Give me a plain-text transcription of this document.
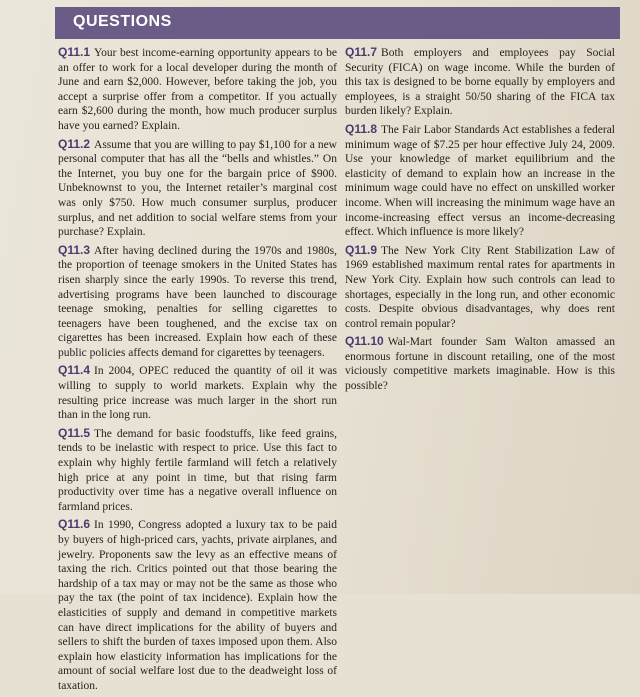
QUESTIONS

Q11.1 Your best income-earning opportunity appears to be an offer to work for a local developer during the month of June and earn $2,000. However, before taking the job, you accept a surprise offer from a competitor. If you actually earn $2,600 during the month, how much producer surplus have you earned? Explain.

Q11.2 Assume that you are willing to pay $1,100 for a new personal computer that has all the “bells and whistles.” On the Internet, you buy one for the bargain price of $900. Unbeknownst to you, the Internet retailer’s marginal cost was only $750. How much consumer surplus, producer surplus, and net addition to social welfare stems from your purchase? Explain.

Q11.3 After having declined during the 1970s and 1980s, the proportion of teenage smokers in the United States has risen sharply since the early 1990s. To reverse this trend, advertising programs have been launched to discourage teenage smoking, penalties for selling cigarettes to teenagers have been toughened, and the excise tax on cigarettes has been increased. Explain how each of these public policies affects demand for cigarettes by teenagers.

Q11.4 In 2004, OPEC reduced the quantity of oil it was willing to supply to world markets. Explain why the resulting price increase was much larger in the short run than in the long run.

Q11.5 The demand for basic foodstuffs, like feed grains, tends to be inelastic with respect to price. Use this fact to explain why highly fertile farmland will fetch a relatively high price at any point in time, but that rising farm productivity over time has a negative overall influence on farmland prices.

Q11.6 In 1990, Congress adopted a luxury tax to be paid by buyers of high-priced cars, yachts, private airplanes, and jewelry. Proponents saw the levy as an effective means of taxing the rich. Critics pointed out that those bearing the hardship of a tax may or may not be the same as those who pay the tax (the point of tax incidence). Explain how the elasticities of supply and demand in competitive markets can have direct implications for the ability of buyers and sellers to shift the burden of taxes imposed upon them. Also explain how elasticity information has implications for the amount of social welfare lost due to the deadweight loss of taxation.

Q11.7 Both employers and employees pay Social Security (FICA) on wage income. While the burden of this tax is designed to be borne equally by employers and employees, is a straight 50/50 sharing of the FICA tax burden likely? Explain.

Q11.8 The Fair Labor Standards Act establishes a federal minimum wage of $7.25 per hour effective July 24, 2009. Use your knowledge of market equilibrium and the elasticity of demand to explain how an increase in the minimum wage could have no effect on unskilled worker income. When will increasing the minimum wage have an income-increasing effect versus an income-decreasing effect. Which influence is more likely?

Q11.9 The New York City Rent Stabilization Law of 1969 established maximum rental rates for apartments in New York City. Explain how such controls can lead to shortages, especially in the long run, and other economic costs. Despite obvious disadvantages, why does rent control remain popular?

Q11.10 Wal-Mart founder Sam Walton amassed an enormous fortune in discount retailing, one of the most viciously competitive markets imaginable. How is this possible?
